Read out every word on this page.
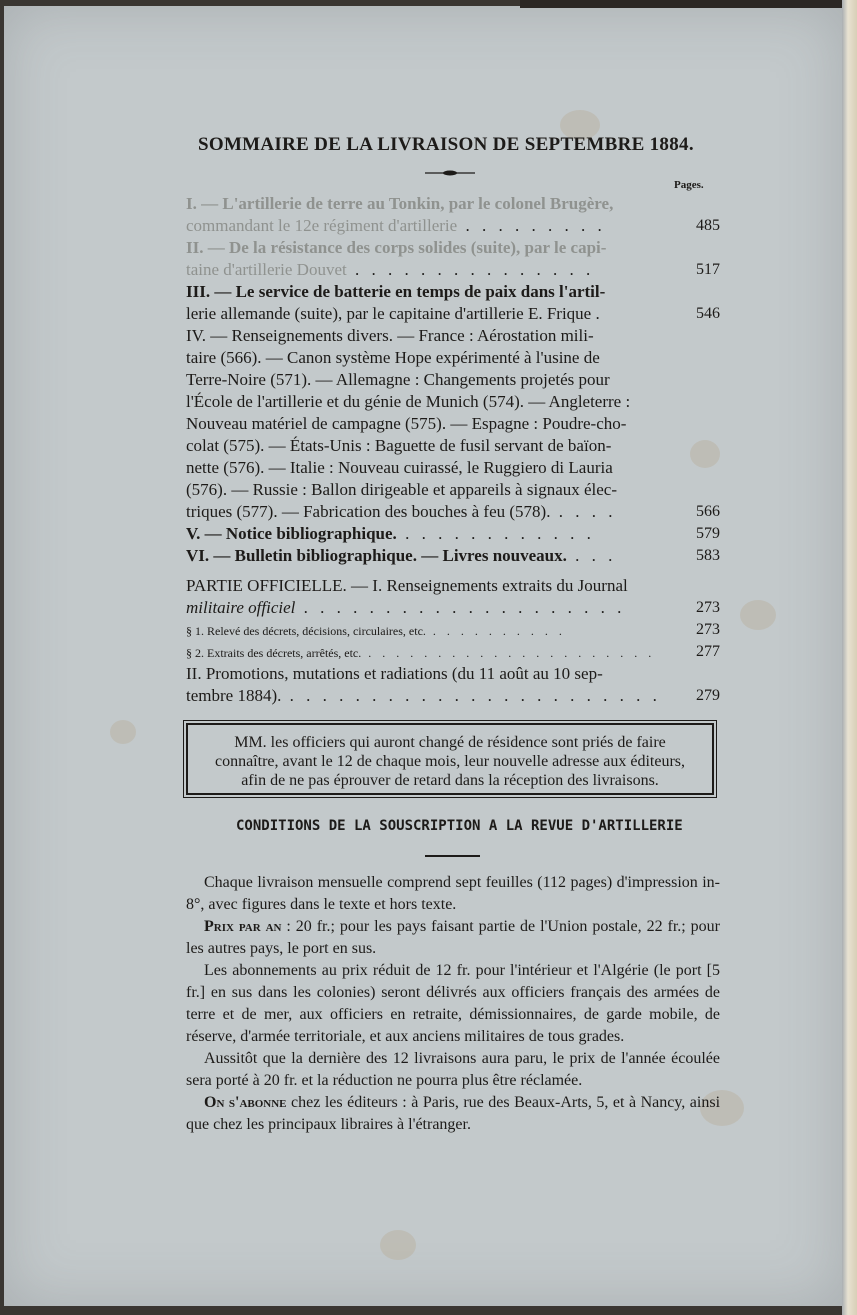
SOMMAIRE DE LA LIVRAISON DE SEPTEMBRE 1884.
Pages.
I. — L'artillerie de terre au Tonkin, par le colonel Brugère,
commandant le 12e régiment d'artillerie . . . . . . . . .	485
II. — De la résistance des corps solides (suite), par le capi-
taine d'artillerie Douvet . . . . . . . . . . . . . . .	517
III. — Le service de batterie en temps de paix dans l'artil-
lerie allemande (suite), par le capitaine d'artillerie E. Frique .	546
IV. — Renseignements divers. — France : Aérostation mili-
taire (566). — Canon système Hope expérimenté à l'usine de
Terre-Noire (571). — Allemagne : Changements projetés pour
l'École de l'artillerie et du génie de Munich (574). — Angleterre :
Nouveau matériel de campagne (575). — Espagne : Poudre-cho-
colat (575). — États-Unis : Baguette de fusil servant de baïon-
nette (576). — Italie : Nouveau cuirassé, le Ruggiero di Lauria
(576). — Russie : Ballon dirigeable et appareils à signaux élec-
triques (577). — Fabrication des bouches à feu (578). . . . .	566
V. — Notice bibliographique. . . . . . . . . . . . .	579
VI. — Bulletin bibliographique. — Livres nouveaux. . . .	583
PARTIE OFFICIELLE. — I. Renseignements extraits du Journal
militaire officiel . . . . . . . . . . . . . . . . . . . .	273
§ 1. Relevé des décrets, décisions, circulaires, etc. . . . . . . . . . .	273
§ 2. Extraits des décrets, arrêtés, etc. . . . . . . . . . . . . . . . . . . . . .	277
II. Promotions, mutations et radiations (du 11 août au 10 sep-
tembre 1884). . . . . . . . . . . . . . . . . . . . . . . . 279
MM. les officiers qui auront changé de résidence sont priés de faire
connaître, avant le 12 de chaque mois, leur nouvelle adresse aux éditeurs,
afin de ne pas éprouver de retard dans la réception des livraisons.
CONDITIONS DE LA SOUSCRIPTION A LA REVUE D'ARTILLERIE

Chaque livraison mensuelle comprend sept feuilles (112 pages) d'impression in-8°, avec figures dans le texte et hors texte.

Prix par an : 20 fr.; pour les pays faisant partie de l'Union postale, 22 fr.; pour les autres pays, le port en sus.

Les abonnements au prix réduit de 12 fr. pour l'intérieur et l'Algérie (le port [5 fr.] en sus dans les colonies) seront délivrés aux officiers français des armées de terre et de mer, aux officiers en retraite, démissionnaires, de garde mobile, de réserve, d'armée territoriale, et aux anciens militaires de tous grades.

Aussitôt que la dernière des 12 livraisons aura paru, le prix de l'année écoulée sera porté à 20 fr. et la réduction ne pourra plus être réclamée.

On s'abonne chez les éditeurs : à Paris, rue des Beaux-Arts, 5, et à Nancy, ainsi que chez les principaux libraires à l'étranger.
